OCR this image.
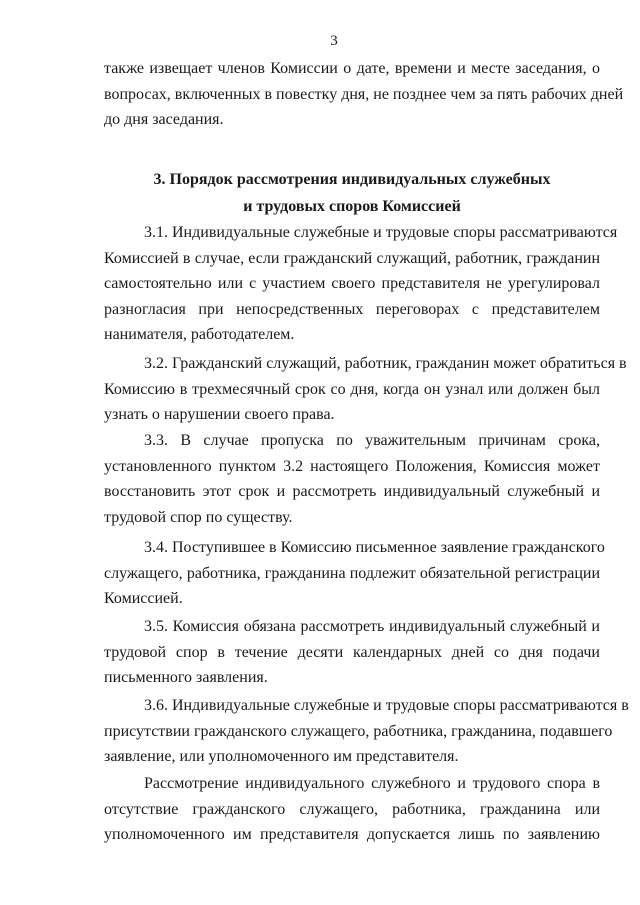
3
также извещает членов Комиссии о дате, времени и месте заседания, о
вопросах, включенных в повестку дня, не позднее чем за пять рабочих дней
до дня заседания.
3. Порядок рассмотрения индивидуальных служебных
и трудовых споров Комиссией
3.1. Индивидуальные служебные и трудовые споры рассматриваются
Комиссией в случае, если гражданский служащий, работник, гражданин
самостоятельно или с участием своего представителя не урегулировал
разногласия при непосредственных переговорах с представителем
нанимателя, работодателем.
3.2. Гражданский служащий, работник, гражданин может обратиться в
Комиссию в трехмесячный срок со дня, когда он узнал или должен был
узнать о нарушении своего права.
3.3. В случае пропуска по уважительным причинам срока,
установленного пунктом 3.2 настоящего Положения, Комиссия может
восстановить этот срок и рассмотреть индивидуальный служебный и
трудовой спор по существу.
3.4. Поступившее в Комиссию письменное заявление гражданского
служащего, работника, гражданина подлежит обязательной регистрации
Комиссией.
3.5. Комиссия обязана рассмотреть индивидуальный служебный и
трудовой спор в течение десяти календарных дней со дня подачи
письменного заявления.
3.6. Индивидуальные служебные и трудовые споры рассматриваются в
присутствии гражданского служащего, работника, гражданина, подавшего
заявление, или уполномоченного им представителя.
Рассмотрение индивидуального служебного и трудового спора в
отсутствие гражданского служащего, работника, гражданина или
уполномоченного им представителя допускается лишь по заявлению
